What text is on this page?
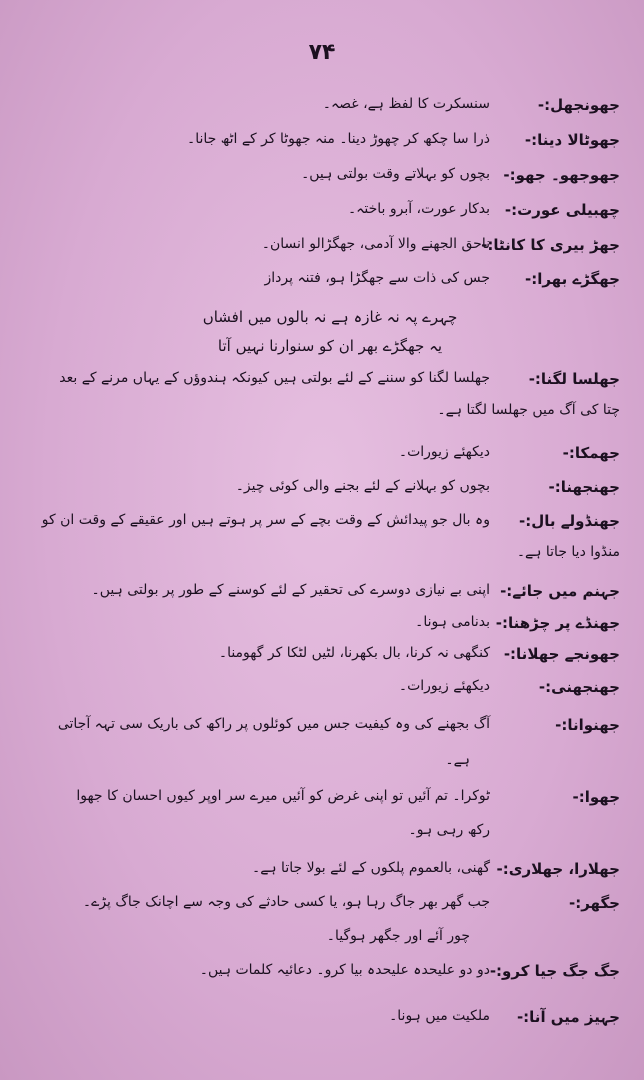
۷۴
جھونجھل:-
سنسکرت کا لفظ ہے، غصہ۔
جھوٹالا دینا:-
ذرا سا چکھ کر چھوڑ دینا۔ منہ جھوٹا کر کے اٹھ جانا۔
جھوجھو۔ جھو:-
بچوں کو بہلاتے وقت بولتی ہیں۔
چھبیلی عورت:-
بدکار عورت، آبرو باختہ۔
جھڑ بیری کا کانٹا:-
ناحق الجھنے والا آدمی، جھگڑالو انسان۔
جھگڑے بھرا:-
جس کی ذات سے جھگڑا ہو، فتنہ پرداز
چہرے پہ نہ غازہ ہے نہ بالوں میں افشاں
یہ جھگڑے بھر ان کو سنوارنا نہیں آتا
جھلسا لگنا:-
جھلسا لگنا کو سننے کے لئے بولتی ہیں کیونکہ ہندوؤں کے یہاں مرنے کے بعد
چتا کی آگ میں جھلسا لگتا ہے۔
جھمکا:-
دیکھئے زیورات۔
جھنجھنا:-
بچوں کو بہلانے کے لئے بجنے والی کوئی چیز۔
جھنڈولے بال:-
وہ بال جو پیدائش کے وقت بچے کے سر پر ہوتے ہیں اور عقیقے کے وقت ان کو
منڈوا دیا جاتا ہے۔
جہنم میں جائے:-
اپنی بے نیازی دوسرے کی تحقیر کے لئے کوسنے کے طور پر بولتی ہیں۔
جھنڈے پر چڑھنا:-
بدنامی ہونا۔
جھونجے جھلانا:-
کنگھی نہ کرنا، بال بکھرنا، لٹیں لٹکا کر گھومنا۔
جھنجھنی:-
دیکھئے زیورات۔
جھنوانا:-
آگ بجھنے کی وہ کیفیت جس میں کوئلوں پر راکھ کی باریک سی تہہ آجاتی
ہے۔
جھوا:-
ٹوکرا۔ تم آئیں تو اپنی غرض کو آئیں میرے سر اوپر کیوں احسان کا جھوا
رکھ رہی ہو۔
جھلارا، جھلاری:-
گھنی، بالعموم پلکوں کے لئے بولا جاتا ہے۔
جگھر:-
جب گھر بھر جاگ رہا ہو، یا کسی حادثے کی وجہ سے اچانک جاگ پڑے۔
چور آئے اور جگھر ہوگیا۔
جگ جگ جیا کرو:-
دو دو علیحدہ علیحدہ بیا کرو۔ دعائیہ کلمات ہیں۔
جہیز میں آنا:-
ملکیت میں ہونا۔
